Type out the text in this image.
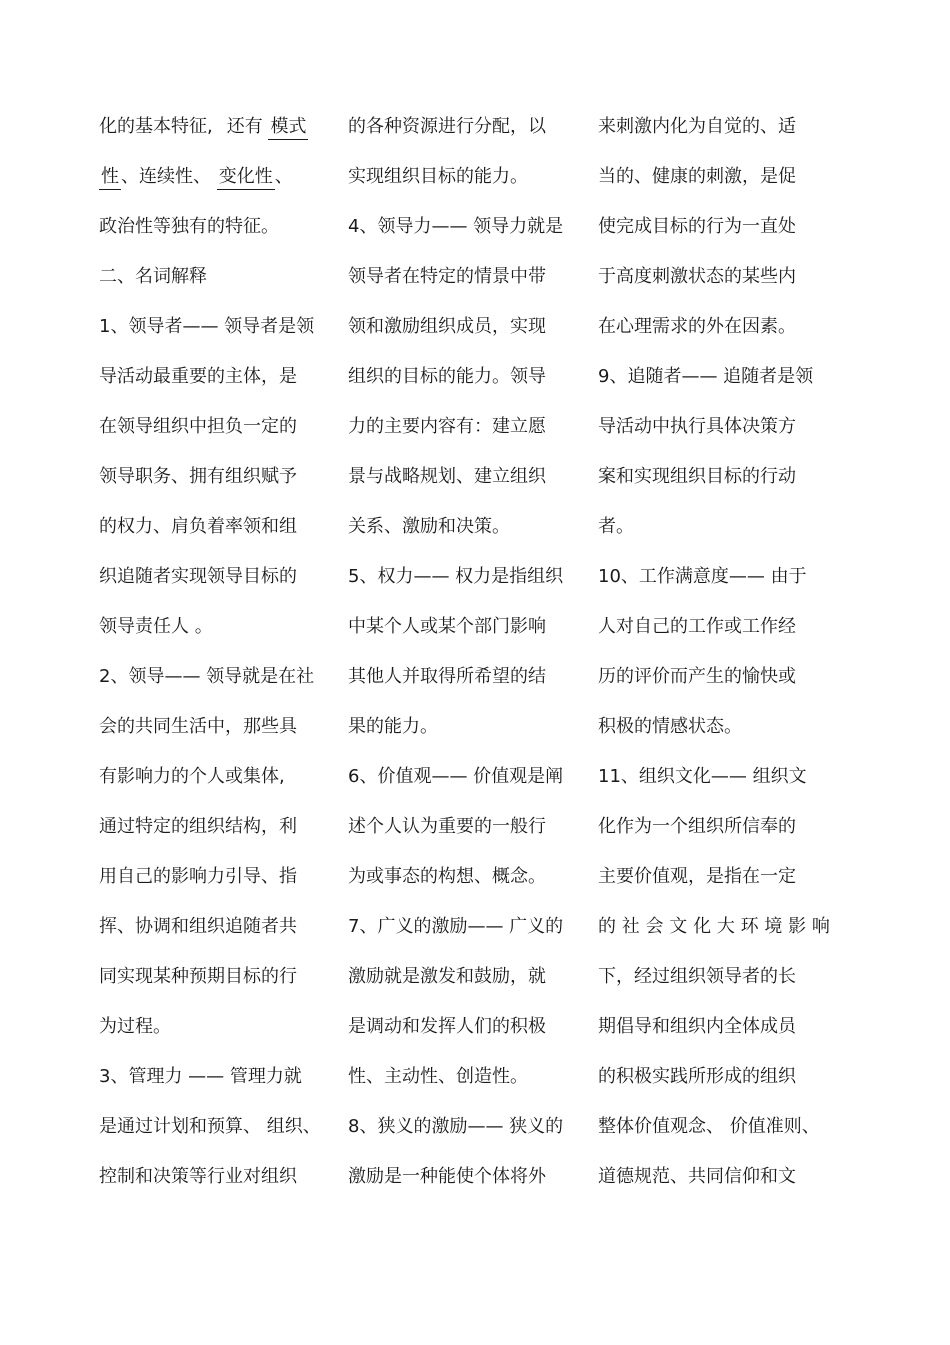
化的基本特征, 还有 模式
性 、连续性、 变化性 、
政治性等独有的特征。
二、名词解释
1、领导者—— 领导者是领
导活动最重要的主体，是
在领导组织中担负一定的
领导职务、拥有组织赋予
的权力、肩负着率领和组
织追随者实现领导目标的
领导责任人 。
2、领导—— 领导就是在社
会的共同生活中，那些具
有影响力的个人或集体,
通过特定的组织结构，利
用自己的影响力引导、指
挥、协调和组织追随者共
同实现某种预期目标的行
为过程。
3、管理力 —— 管理力就
是通过计划和预算、 组织、
控制和决策等行业对组织
的各种资源进行分配，以
实现组织目标的能力。
4、领导力—— 领导力就是
领导者在特定的情景中带
领和激励组织成员，实现
组织的目标的能力。领导
力的主要内容有：建立愿
景与战略规划、建立组织
关系、激励和决策。
5、权力—— 权力是指组织
中某个人或某个部门影响
其他人并取得所希望的结
果的能力。
6、价值观—— 价值观是阐
述个人认为重要的一般行
为或事态的构想、概念。
7、广义的激励—— 广义的
激励就是激发和鼓励，就
是调动和发挥人们的积极
性、主动性、创造性。
8、狭义的激励—— 狭义的
激励是一种能使个体将外
来刺激内化为自觉的、适
当的、健康的刺激，是促
使完成目标的行为一直处
于高度刺激状态的某些内
在心理需求的外在因素。
9、追随者—— 追随者是领
导活动中执行具体决策方
案和实现组织目标的行动
者。
10、工作满意度—— 由于
人对自己的工作或工作经
历的评价而产生的愉快或
积极的情感状态。
11、组织文化—— 组织文
化作为一个组织所信奉的
主要价值观，是指在一定
的 社 会 文 化 大 环 境 影 响
下，经过组织领导者的长
期倡导和组织内全体成员
的积极实践所形成的组织
整体价值观念、 价值准则、
道德规范、共同信仰和文
